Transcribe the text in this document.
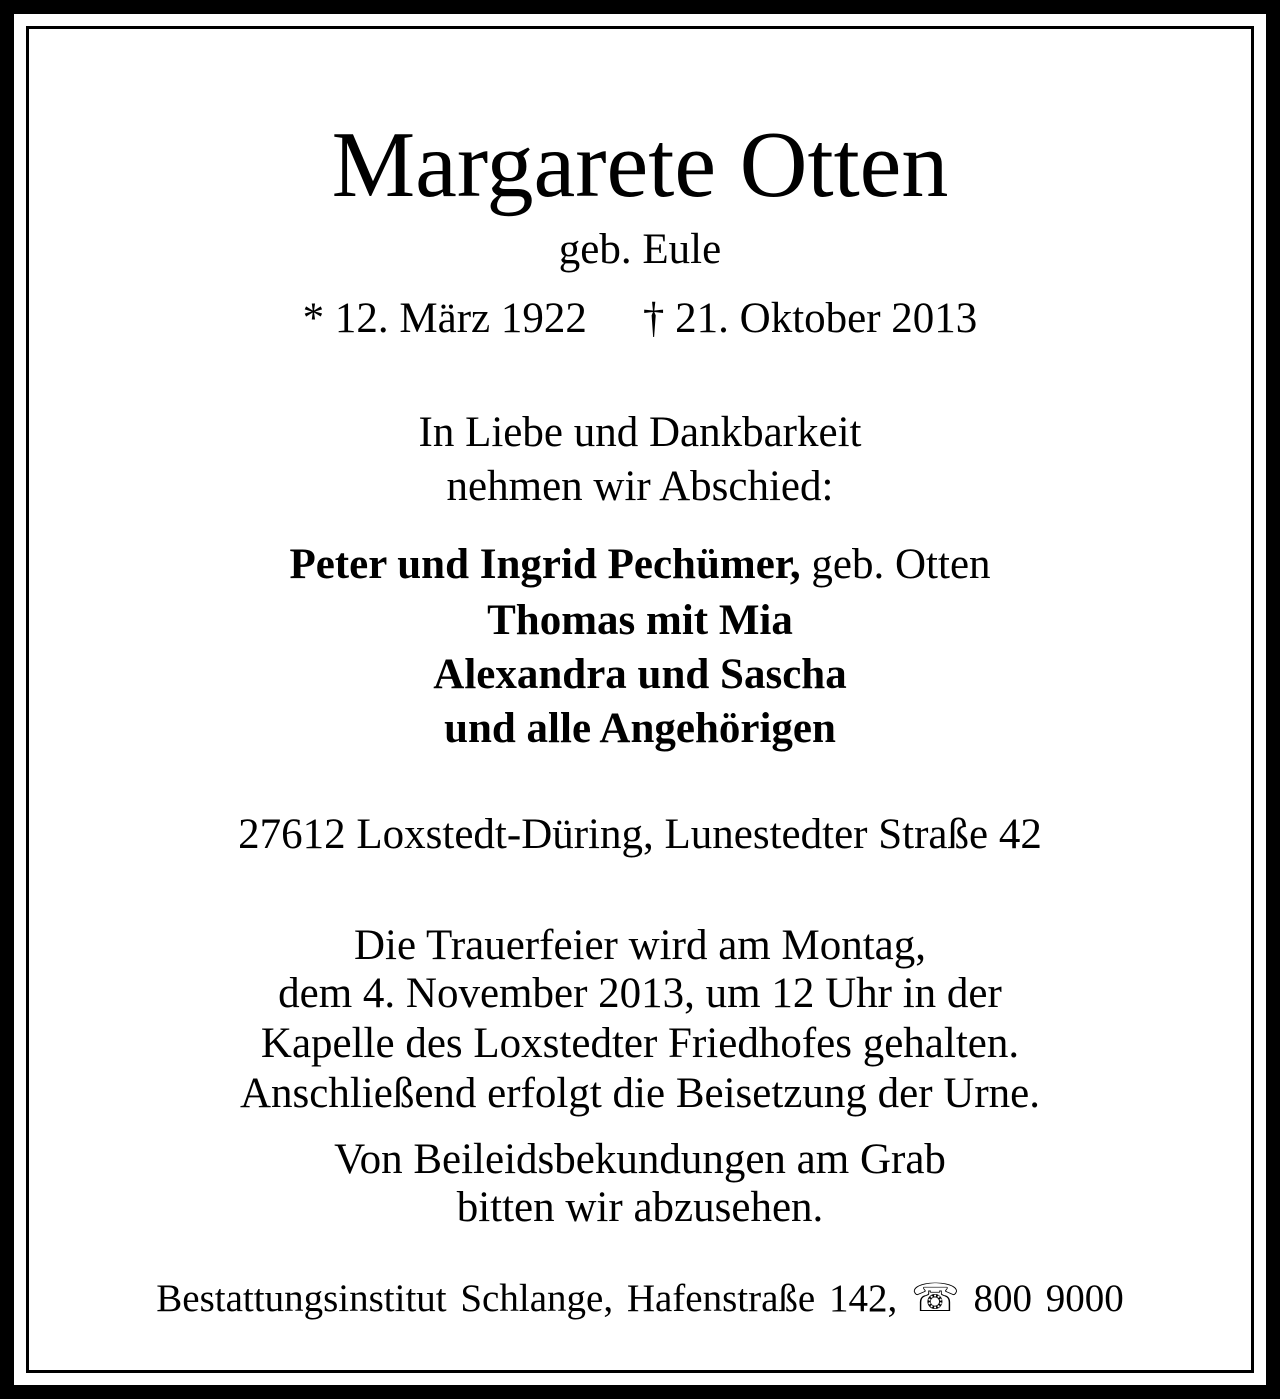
Margarete Otten
geb. Eule
* 12. März 1922 † 21. Oktober 2013
In Liebe und Dankbarkeit
nehmen wir Abschied:
Peter und Ingrid Pechümer, geb. Otten
Thomas mit Mia
Alexandra und Sascha
und alle Angehörigen
27612 Loxstedt-Düring, Lunestedter Straße 42
Die Trauerfeier wird am Montag,
dem 4. November 2013, um 12 Uhr in der
Kapelle des Loxstedter Friedhofes gehalten.
Anschließend erfolgt die Beisetzung der Urne.
Von Beileidsbekundungen am Grab
bitten wir abzusehen.
Bestattungsinstitut Schlange, Hafenstraße 142, ☏ 800 9000
